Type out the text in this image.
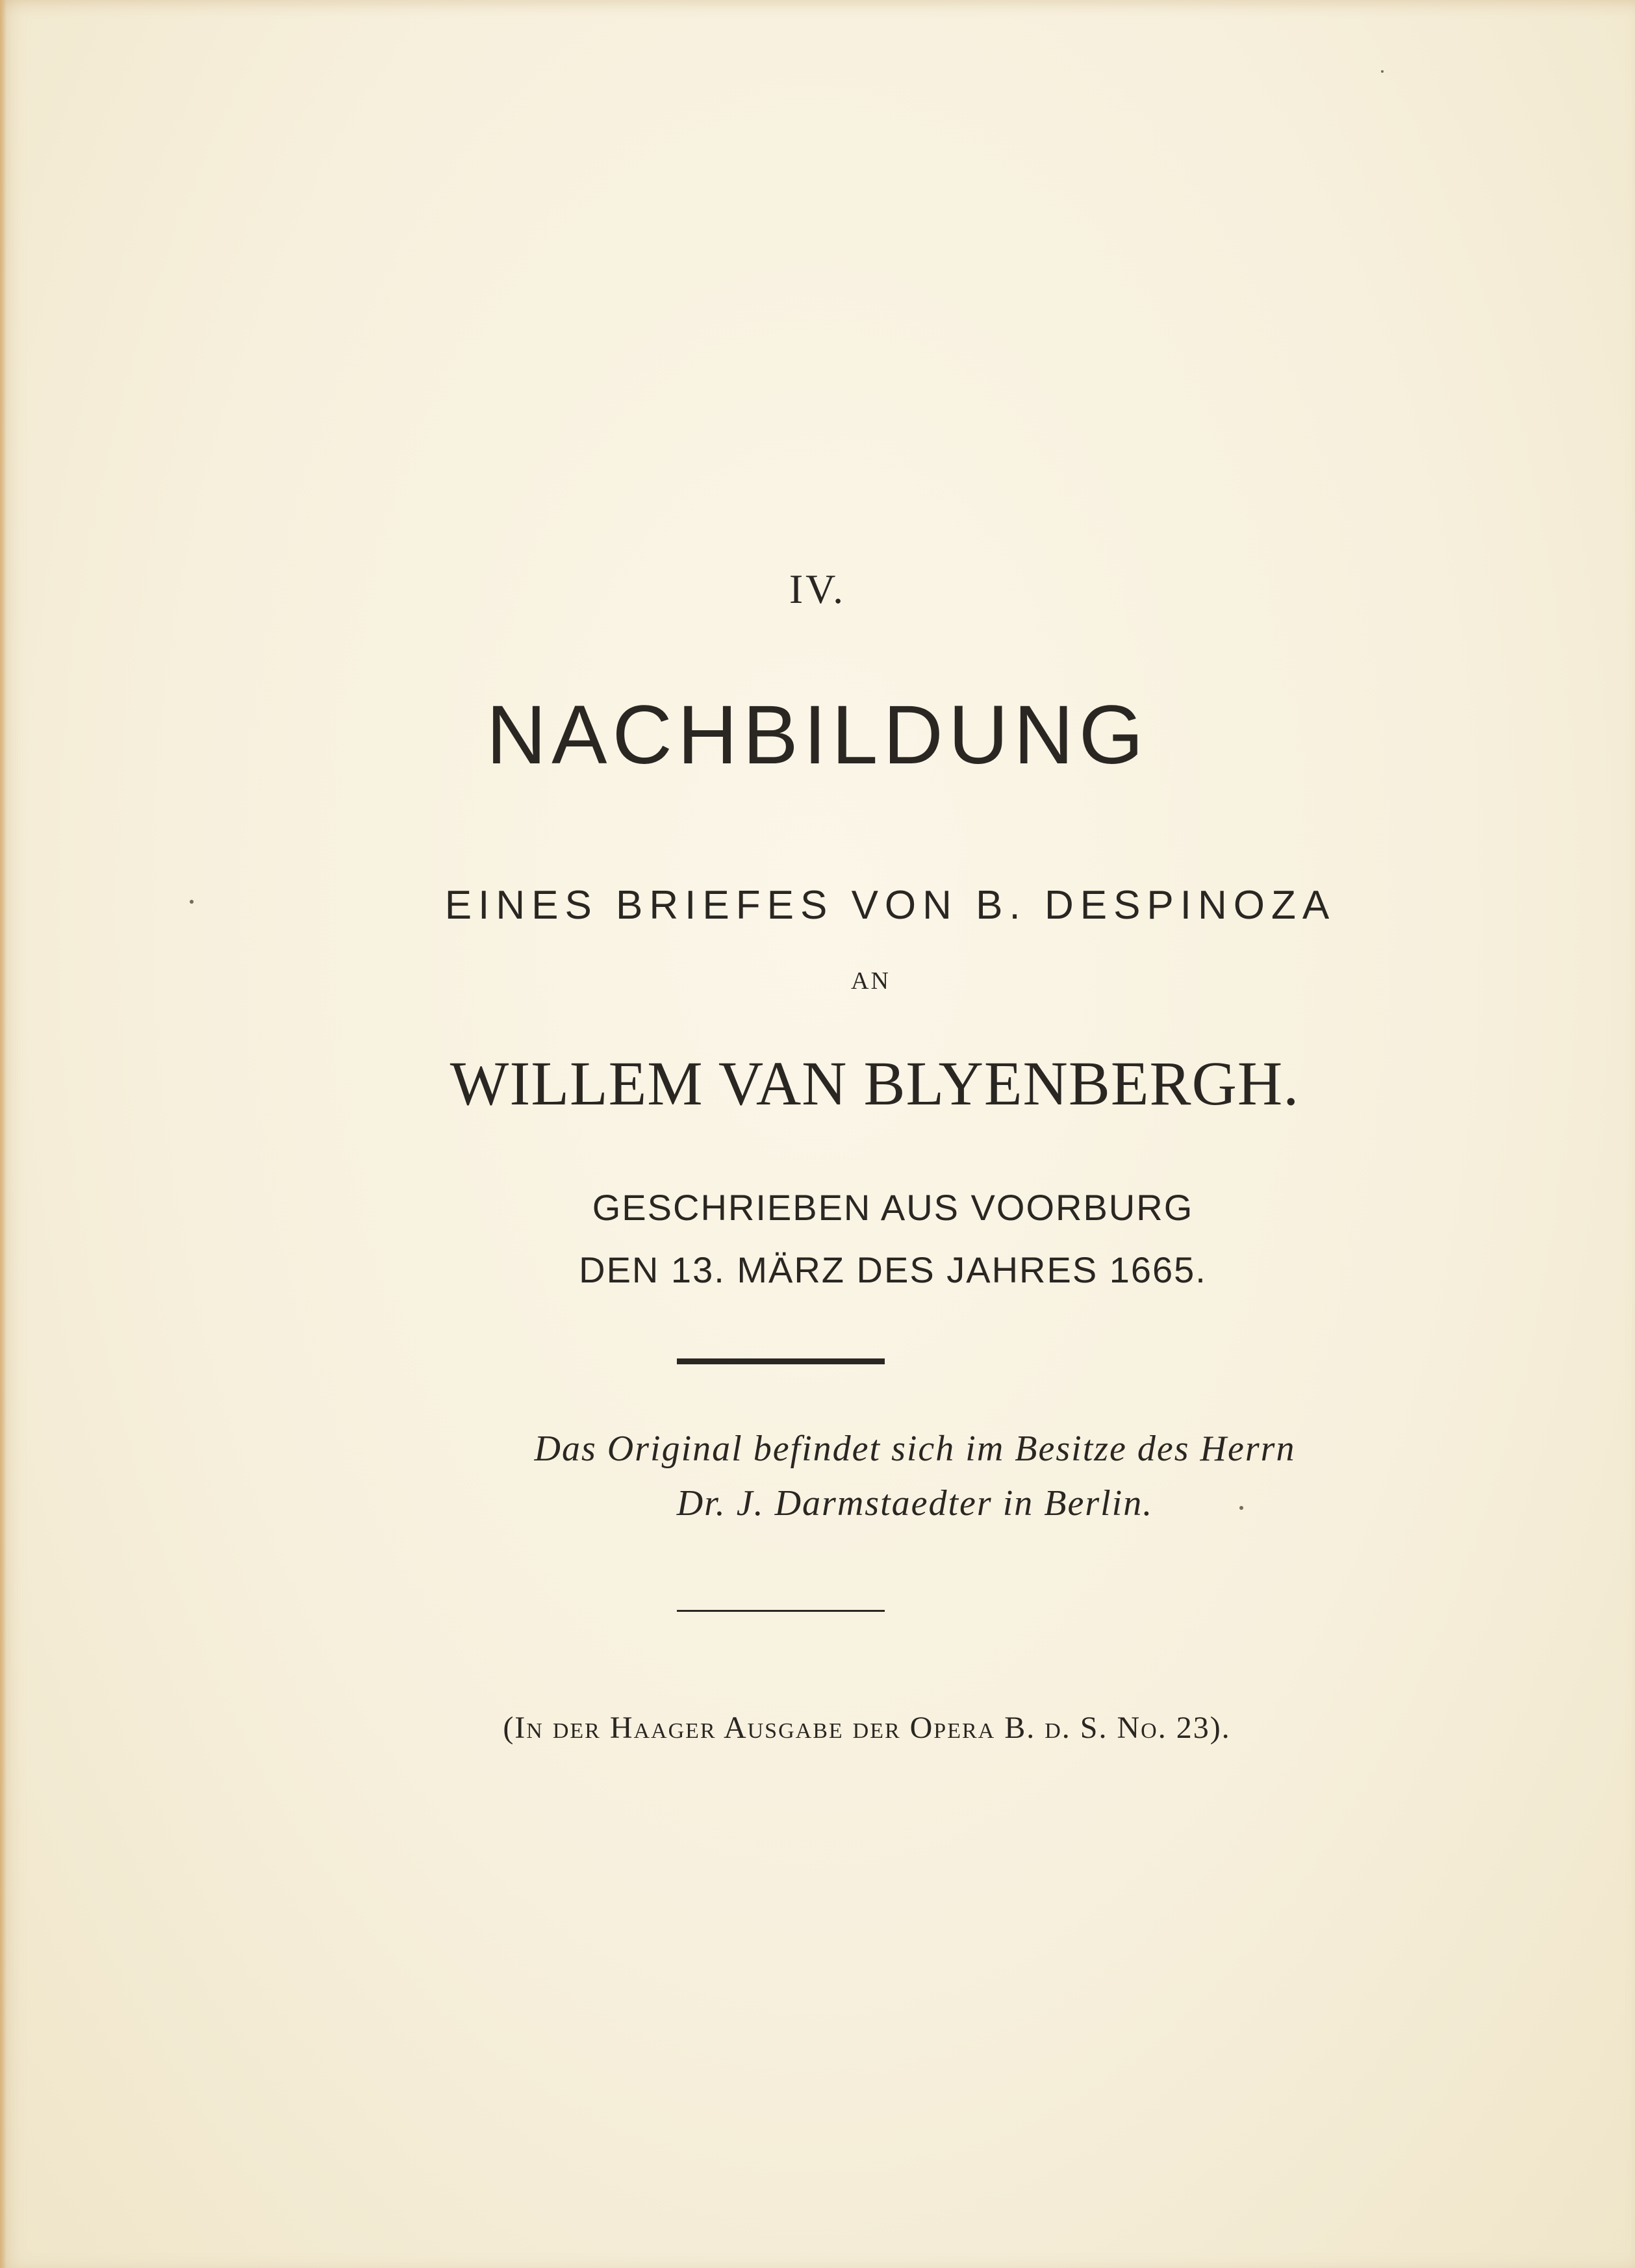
IV.
NACHBILDUNG
EINES BRIEFES VON B. DESPINOZA
AN
WILLEM VAN BLYENBERGH.
GESCHRIEBEN AUS VOORBURG
DEN 13. MÄRZ DES JAHRES 1665.
Das Original befindet sich im Besitze des Herrn
Dr. J. Darmstaedter in Berlin.
(In der Haager Ausgabe der Opera B. d. S. No. 23).
